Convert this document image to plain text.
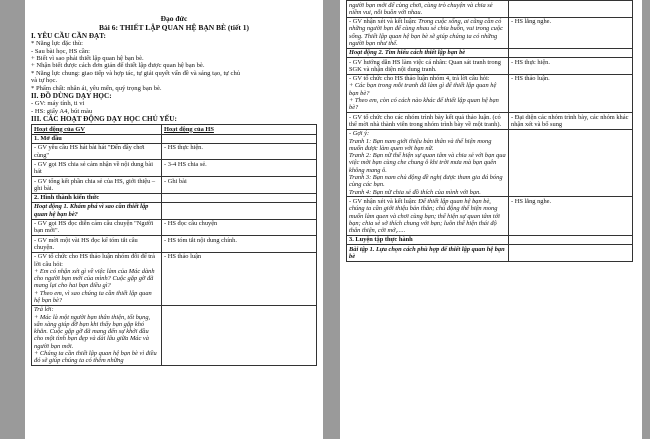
Đạo đức
Bài 6: THIẾT LẬP QUAN HỆ BẠN BÈ (tiết 1)
I. YÊU CẦU CẦN ĐẠT:
* Năng lực đặc thù:
- Sau bài học, HS cần:
+ Biết vì sao phải thiết lập quan hệ bạn bè.
+ Nhận biết được cách đơn giản để thiết lập được quan hệ bạn bè.
* Năng lực chung: giao tiếp và hợp tác, tự giải quyết vấn đề và sáng tạo, tự chủ
và tự học.
* Phẩm chất: nhân ái, yêu mến, quý trọng bạn bè.
II. ĐỒ DÙNG DẠY HỌC:
- GV: máy tính, ti vi
- HS: giấy A4, bút màu
III. CÁC HOẠT ĐỘNG DẠY HỌC CHỦ YẾU:
Hoạt động của GV	Hoạt động của HS
1. Mở đầu	
- GV yêu cầu HS hát bài hát "Đến đây chơi cùng"	- HS thực hiện.
- GV gọi HS chia sẻ cảm nhận về nội dung bài hát	- 3-4 HS chia sẻ.
- GV tổng kết phần chia sẻ của HS, giới thiệu – ghi bài.	- Ghi bài
2. Hình thành kiến thức	
Hoạt động 1. Khám phá vì sao cần thiết lập quan hệ bạn bè?	
- GV gọi HS đọc diễn cảm câu chuyện "Người bạn mới".	- HS đọc câu chuyện
- GV mời một vài HS đọc kể tóm tắt câu chuyện.	- HS tóm tắt nội dung chính.

- GV tổ chức cho HS thảo luận nhóm đôi để trả lời câu hỏi:
+ Em có nhận xét gì về việc làm của Mác dành cho người bạn mới của mình? Cuộc gặp gỡ đã mang lại cho hai bạn điều gì?
+ Theo em, vì sao chúng ta cần thiết lập quan hệ bạn bè?	- HS thảo luận

Trả lời:
+ Mác là một người bạn thân thiện, tốt bụng, sẵn sàng giúp đỡ bạn khi thấy bạn gặp khó khăn. Cuộc gặp gỡ đã mang đến sự khởi đầu cho một tình bạn đẹp và dài lâu giữa Mác và người bạn mới.
+ Chúng ta cần thiết lập quan hệ bạn bè vì điều đó sẽ giúp chúng ta có thêm những	

người bạn mới để cùng chơi, cùng trò chuyện và chia sẻ niềm vui, nỗi buồn với nhau.	
- GV nhận xét và kết luận: Trong cuộc sống, ai cũng cần có những người bạn để cùng nhau sẻ chia buồn, vui trong cuộc sống. Thiết lập quan hệ bạn bè sẽ giúp chúng ta có những người bạn như thế.	- HS lắng nghe.
Hoạt động 2. Tìm hiểu cách thiết lập bạn bè	
- GV hướng dẫn HS làm việc cá nhân: Quan sát tranh trong SGK và nhận diện nội dung tranh.	- HS thực hiện.

- GV tổ chức cho HS thảo luận nhóm 4, trả lời câu hỏi:
+ Các bạn trong mỗi tranh đã làm gì để thiết lập quan hệ bạn bè?
+ Theo em, còn có cách nào khác để thiết lập quan hệ bạn bè?	- HS thảo luận.
- GV tổ chức cho các nhóm trình bày kết quả thảo luận. (có thể mời nhà thành viên trong nhóm trình bày về một tranh).	- Đại diện các nhóm trình bày, các nhóm khác nhận xét và bổ sung

- Gợi ý:
Tranh 1: Bạn nam giới thiệu bản thân và thể hiện mong muốn được làm quen với bạn nữ.
Tranh 2: Bạn nữ thể hiện sự quan tâm và chia sẻ với bạn qua việc mời bạn cùng che chung ô khi trời mưa mà bạn quên không mang ô.
Tranh 3: Bạn nam chủ động đề nghị được tham gia đá bóng cùng các bạn.
Tranh 4: Bạn nữ chia sẻ đồ thích của mình với bạn.	

- GV nhận xét và kết luận: Để thiết lập quan hệ bạn bè, chúng ta cần giới thiệu bản thân; chủ động thể hiện mong muốn làm quen và chơi cùng bạn; thể hiện sự quan tâm tới bạn; chia sẻ sở thích chung với bạn; luôn thể hiện thái độ thân thiện, cởi mở,.....	- HS lắng nghe.
3. Luyện tập thực hành	
Bài tập 1. Lựa chọn cách phù hợp để thiết lập quan hệ bạn bè	
